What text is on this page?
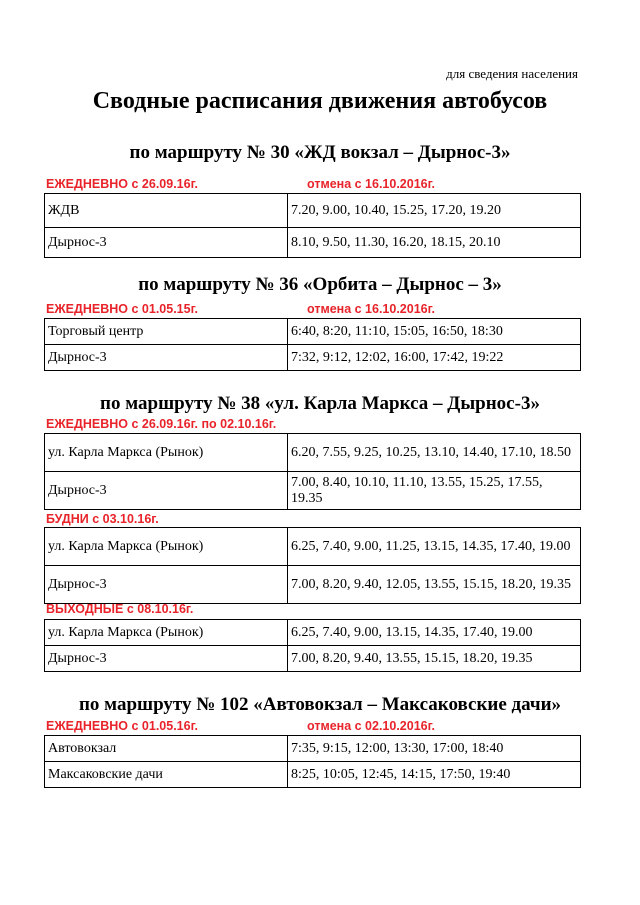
для сведения населения
Сводные расписания движения автобусов
по маршруту № 30 «ЖД вокзал – Дырнос-3»
ЕЖЕДНЕВНО с 26.09.16г.	отмена с 16.10.2016г.
ЖДВ	7.20, 9.00, 10.40, 15.25, 17.20, 19.20
Дырнос-3	8.10, 9.50, 11.30, 16.20, 18.15, 20.10
по маршруту № 36 «Орбита – Дырнос – 3»
ЕЖЕДНЕВНО с 01.05.15г.	отмена с 16.10.2016г.
Торговый центр	6:40, 8:20, 11:10, 15:05, 16:50, 18:30
Дырнос-3	7:32, 9:12, 12:02, 16:00, 17:42, 19:22
по маршруту № 38 «ул. Карла Маркса – Дырнос-3»
ЕЖЕДНЕВНО с 26.09.16г. по 02.10.16г.
ул. Карла Маркса (Рынок)	6.20, 7.55, 9.25, 10.25, 13.10, 14.40, 17.10, 18.50
Дырнос-3	7.00, 8.40, 10.10, 11.10, 13.55, 15.25, 17.55, 19.35
БУДНИ с 03.10.16г.
ул. Карла Маркса (Рынок)	6.25, 7.40, 9.00, 11.25, 13.15, 14.35, 17.40, 19.00
Дырнос-3	7.00, 8.20, 9.40, 12.05, 13.55, 15.15, 18.20, 19.35
ВЫХОДНЫЕ с 08.10.16г.
ул. Карла Маркса (Рынок)	6.25, 7.40, 9.00, 13.15, 14.35, 17.40, 19.00
Дырнос-3	7.00, 8.20, 9.40, 13.55, 15.15, 18.20, 19.35
по маршруту № 102 «Автовокзал – Максаковские дачи»
ЕЖЕДНЕВНО с 01.05.16г.	отмена с 02.10.2016г.
Автовокзал	7:35, 9:15, 12:00, 13:30, 17:00, 18:40
Максаковские дачи	8:25, 10:05, 12:45, 14:15, 17:50, 19:40
